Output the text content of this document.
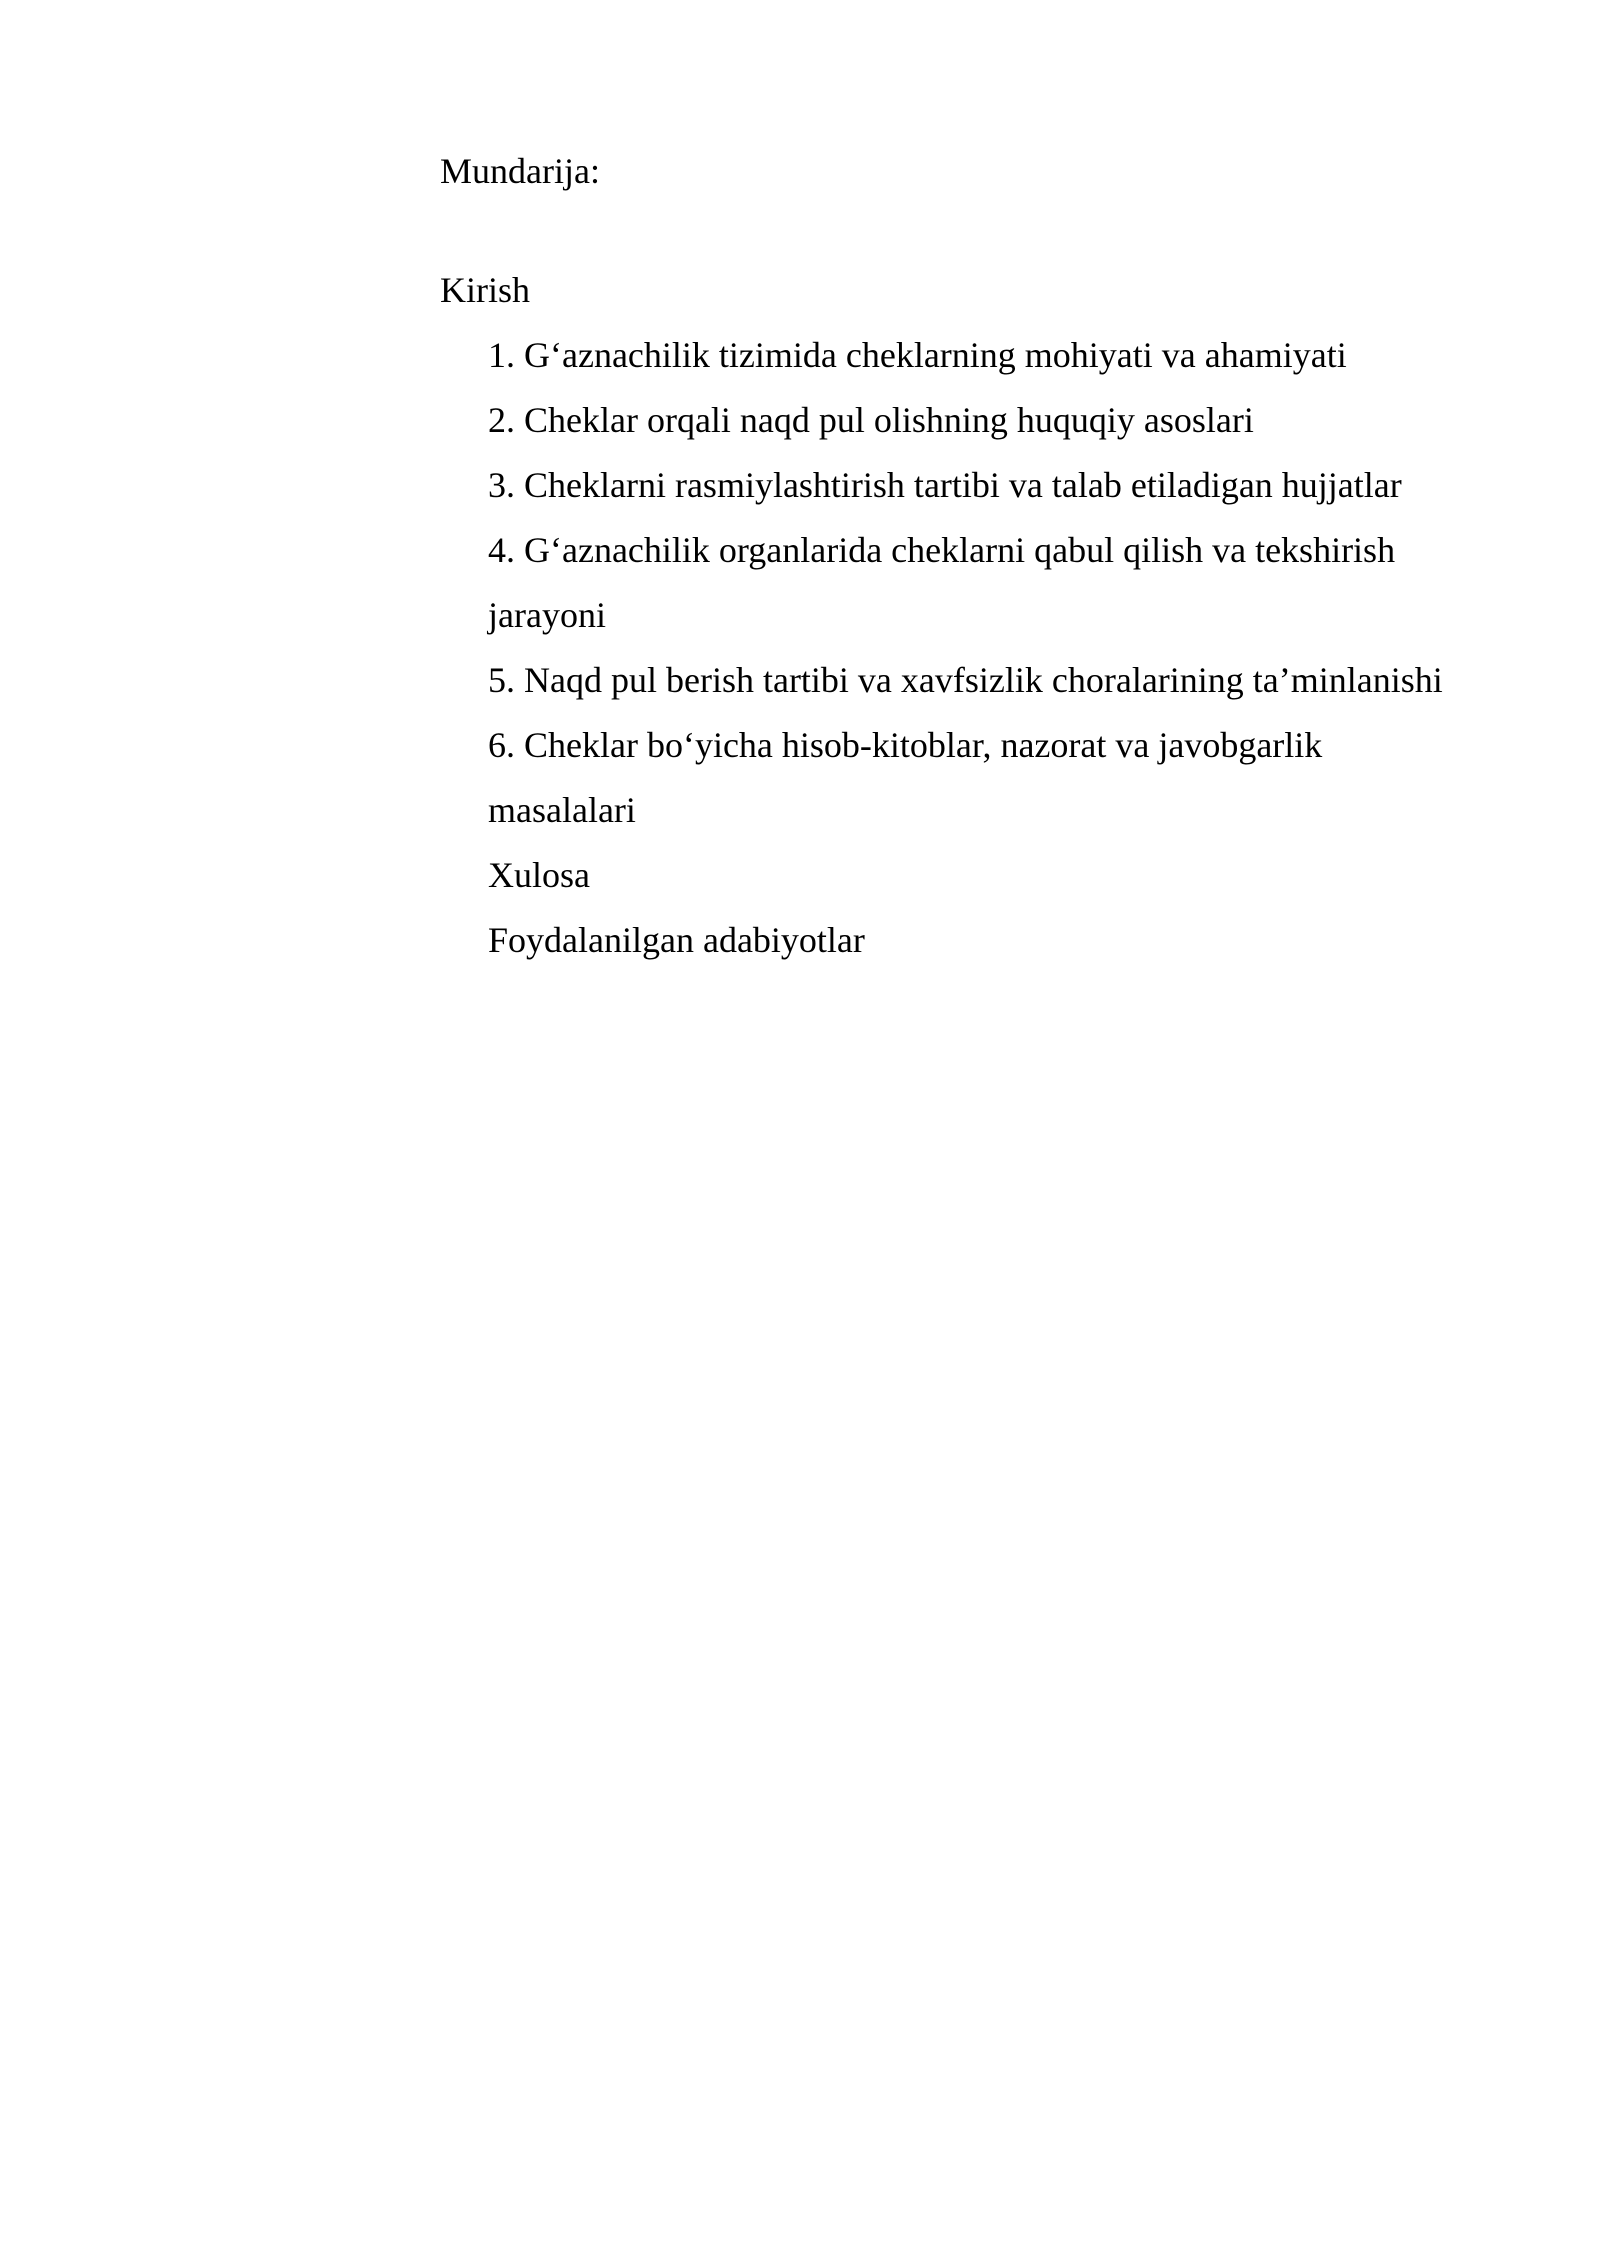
Mundarija:
Kirish
1. G‘aznachilik tizimida cheklarning mohiyati va ahamiyati
2. Cheklar orqali naqd pul olishning huquqiy asoslari
3. Cheklarni rasmiylashtirish tartibi va talab etiladigan hujjatlar
4. G‘aznachilik organlarida cheklarni qabul qilish va tekshirish
jarayoni
5. Naqd pul berish tartibi va xavfsizlik choralarining ta’minlanishi
6. Cheklar bo‘yicha hisob-kitoblar, nazorat va javobgarlik
masalalari
Xulosa
Foydalanilgan adabiyotlar
